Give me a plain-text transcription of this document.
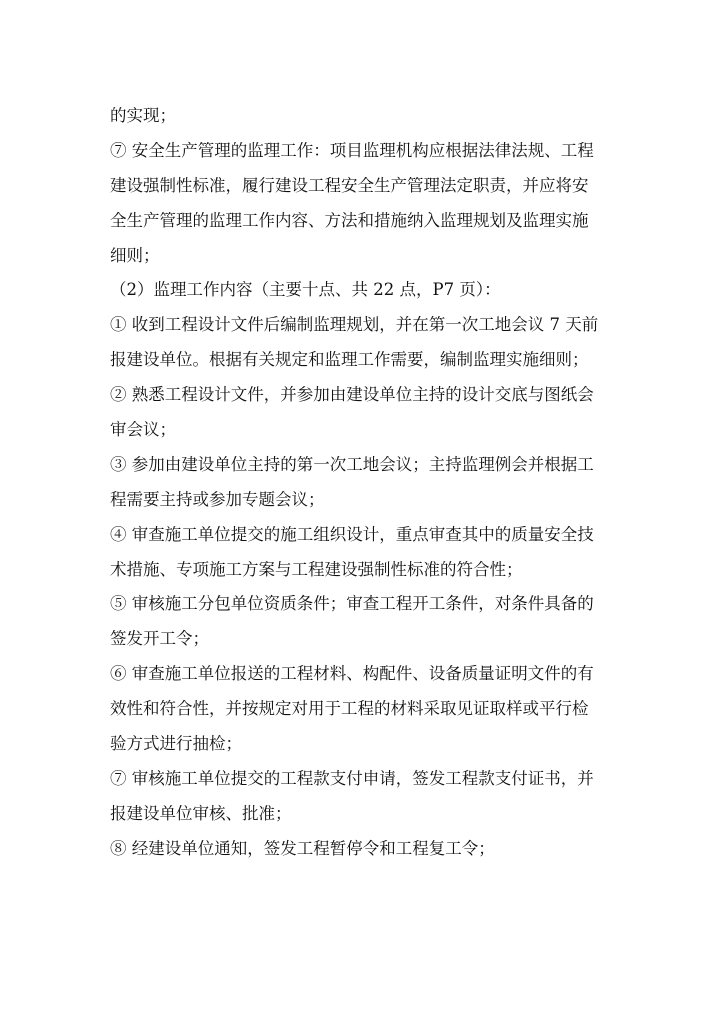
的实现；
⑦ 安全生产管理的监理工作：项目监理机构应根据法律法规、工程
建设强制性标准，履行建设工程安全生产管理法定职责，并应将安
全生产管理的监理工作内容、方法和措施纳入监理规划及监理实施
细则；
（2）监理工作内容（主要十点、共 22 点，P7 页）：
① 收到工程设计文件后编制监理规划，并在第一次工地会议 7 天前
报建设单位。根据有关规定和监理工作需要，编制监理实施细则；
② 熟悉工程设计文件，并参加由建设单位主持的设计交底与图纸会
审会议；
③ 参加由建设单位主持的第一次工地会议；主持监理例会并根据工
程需要主持或参加专题会议；
④ 审查施工单位提交的施工组织设计，重点审查其中的质量安全技
术措施、专项施工方案与工程建设强制性标准的符合性；
⑤ 审核施工分包单位资质条件；审查工程开工条件，对条件具备的
签发开工令；
⑥ 审查施工单位报送的工程材料、构配件、设备质量证明文件的有
效性和符合性，并按规定对用于工程的材料采取见证取样或平行检
验方式进行抽检；
⑦ 审核施工单位提交的工程款支付申请，签发工程款支付证书，并
报建设单位审核、批准；
⑧ 经建设单位通知，签发工程暂停令和工程复工令；
